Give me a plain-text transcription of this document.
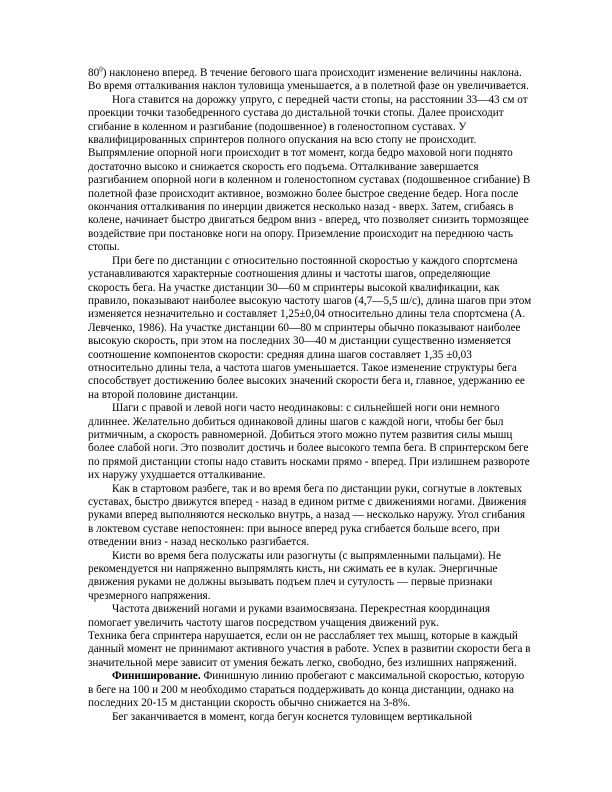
$80^0$) наклонено вперед. В течение бегового шага происходит изменение величины наклона. Во время отталкивания наклон туловища уменьшается, а в полетной фазе он увеличивается.

Нога ставится на дорожку упруго, с передней части стопы, на расстоянии 33—43 см от проекции точки тазобедренного сустава до дистальной точки стопы. Далее происходит сгибание в коленном и разгибание (подошвенное) в голеностопном суставах. У квалифицированных спринтеров полного опускания на всю стопу не происходит. Выпрямление опорной ноги происходит в тот момент, когда бедро маховой ноги поднято достаточно высоко и снижается скорость его подъема. Отталкивание завершается разгибанием опорной ноги в коленном и голеностопном суставах (подошвенное сгибание) В полетной фазе происходит активное, возможно более быстрое сведение бедер. Нога после окончания отталкивания по инерции движется несколько назад - вверх. Затем, сгибаясь в колене, начинает быстро двигаться бедром вниз - вперед, что позволяет снизить тормозящее воздействие при постановке ноги на опору. Приземление происходит на переднюю часть стопы.

При беге по дистанции с относительно постоянной скоростью у каждого спортсмена устанавливаются характерные соотношения длины и частоты шагов, определяющие скорость бега. На участке дистанции 30—60 м спринтеры высокой квалификации, как правило, показывают наиболее высокую частоту шагов (4,7—5,5 ш/с), длина шагов при этом изменяется незначительно и составляет 1,25±0,04 относительно длины тела спортсмена (А. Левченко, 1986). На участке дистанции 60—80 м спринтеры обычно показывают наиболее высокую скорость, при этом на последних 30—40 м дистанции существенно изменяется соотношение компонентов скорости: средняя длина шагов составляет 1,35 ±0,03 относительно длины тела, а частота шагов уменьшается. Такое изменение структуры бега способствует достижению более высоких значений скорости бега и, главное, удержанию ее на второй половине дистанции.

Шаги с правой и левой ноги часто неодинаковы: с сильнейшей ноги они немного длиннее. Желательно добиться одинаковой длины шагов с каждой ноги, чтобы бег был ритмичным, а скорость равномерной. Добиться этого можно путем развития силы мышц более слабой ноги. Это позволит достичь и более высокого темпа бега. В спринтерском беге по прямой дистанции стопы надо ставить носками прямо - вперед. При излишнем развороте их наружу ухудшается отталкивание.

Как в стартовом разбеге, так и во время бега по дистанции руки, согнутые в локтевых суставах, быстро движутся вперед - назад в едином ритме с движениями ногами. Движения руками вперед выполняются несколько внутрь, а назад — несколько наружу. Угол сгибания в локтевом суставе непостоянен: при выносе вперед рука сгибается больше всего, при отведении вниз - назад несколько разгибается.

Кисти во время бега полусжаты или разогнуты (с выпрямленными пальцами). Не рекомендуется ни напряженно выпрямлять кисть, ни сжимать ее в кулак. Энергичные движения руками не должны вызывать подъем плеч и сутулость — первые признаки чрезмерного напряжения.

Частота движений ногами и руками взаимосвязана. Перекрестная координация помогает увеличить частоту шагов посредством учащения движений рук.

Техника бега спринтера нарушается, если он не расслабляет тех мышц, которые в каждый данный момент не принимают активного участия в работе. Успех в развитии скорости бега в значительной мере зависит от умения бежать легко, свободно, без излишних напряжений.

Финиширование. Финишную линию пробегают с максимальной скоростью, которую в беге на 100 и 200 м необходимо стараться поддерживать до конца дистанции, однако на последних 20-15 м дистанции скорость обычно снижается на 3-8%.

Бег заканчивается в момент, когда бегун коснется туловищем вертикальной
